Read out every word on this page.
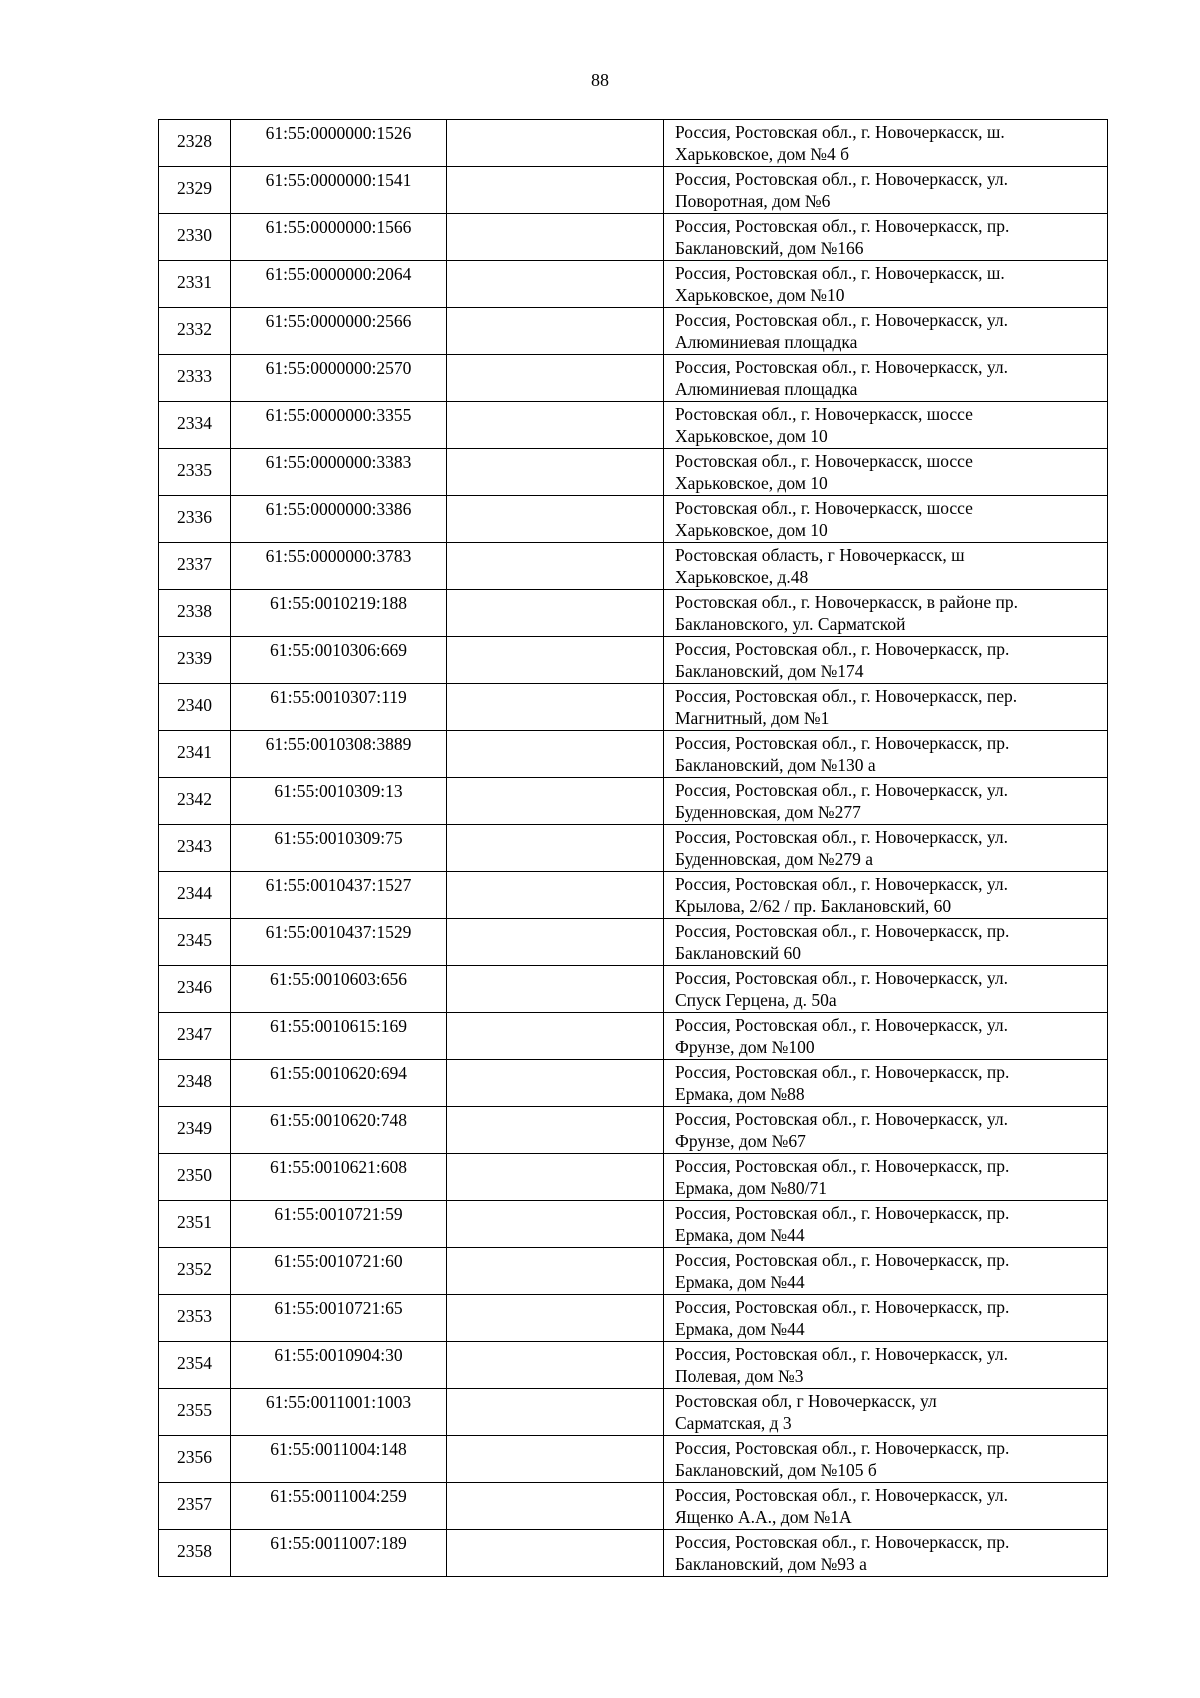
88
2328	61:55:0000000:1526		Россия, Ростовская обл., г. Новочеркасск, ш.
Харьковское, дом №4 б
2329	61:55:0000000:1541		Россия, Ростовская обл., г. Новочеркасск, ул.
Поворотная, дом №6
2330	61:55:0000000:1566		Россия, Ростовская обл., г. Новочеркасск, пр.
Баклановский, дом №166
2331	61:55:0000000:2064		Россия, Ростовская обл., г. Новочеркасск, ш.
Харьковское, дом №10
2332	61:55:0000000:2566		Россия, Ростовская обл., г. Новочеркасск, ул.
Алюминиевая площадка
2333	61:55:0000000:2570		Россия, Ростовская обл., г. Новочеркасск, ул.
Алюминиевая площадка
2334	61:55:0000000:3355		Ростовская обл., г. Новочеркасск, шоссе
Харьковское, дом 10
2335	61:55:0000000:3383		Ростовская обл., г. Новочеркасск, шоссе
Харьковское, дом 10
2336	61:55:0000000:3386		Ростовская обл., г. Новочеркасск, шоссе
Харьковское, дом 10
2337	61:55:0000000:3783		Ростовская область, г Новочеркасск, ш
Харьковское, д.48
2338	61:55:0010219:188		Ростовская обл., г. Новочеркасск, в районе пр.
Баклановского, ул. Сарматской
2339	61:55:0010306:669		Россия, Ростовская обл., г. Новочеркасск, пр.
Баклановский, дом №174
2340	61:55:0010307:119		Россия, Ростовская обл., г. Новочеркасск, пер.
Магнитный, дом №1
2341	61:55:0010308:3889		Россия, Ростовская обл., г. Новочеркасск, пр.
Баклановский, дом №130 а
2342	61:55:0010309:13		Россия, Ростовская обл., г. Новочеркасск, ул.
Буденновская, дом №277
2343	61:55:0010309:75		Россия, Ростовская обл., г. Новочеркасск, ул.
Буденновская, дом №279 а
2344	61:55:0010437:1527		Россия, Ростовская обл., г. Новочеркасск, ул.
Крылова, 2/62 / пр. Баклановский, 60
2345	61:55:0010437:1529		Россия, Ростовская обл., г. Новочеркасск, пр.
Баклановский 60
2346	61:55:0010603:656		Россия, Ростовская обл., г. Новочеркасск, ул.
Спуск Герцена, д. 50а
2347	61:55:0010615:169		Россия, Ростовская обл., г. Новочеркасск, ул.
Фрунзе, дом №100
2348	61:55:0010620:694		Россия, Ростовская обл., г. Новочеркасск, пр.
Ермака, дом №88
2349	61:55:0010620:748		Россия, Ростовская обл., г. Новочеркасск, ул.
Фрунзе, дом №67
2350	61:55:0010621:608		Россия, Ростовская обл., г. Новочеркасск, пр.
Ермака, дом №80/71
2351	61:55:0010721:59		Россия, Ростовская обл., г. Новочеркасск, пр.
Ермака, дом №44
2352	61:55:0010721:60		Россия, Ростовская обл., г. Новочеркасск, пр.
Ермака, дом №44
2353	61:55:0010721:65		Россия, Ростовская обл., г. Новочеркасск, пр.
Ермака, дом №44
2354	61:55:0010904:30		Россия, Ростовская обл., г. Новочеркасск, ул.
Полевая, дом №3
2355	61:55:0011001:1003		Ростовская обл, г Новочеркасск, ул
Сарматская, д 3
2356	61:55:0011004:148		Россия, Ростовская обл., г. Новочеркасск, пр.
Баклановский, дом №105 б
2357	61:55:0011004:259		Россия, Ростовская обл., г. Новочеркасск, ул.
Ященко А.А., дом №1А
2358	61:55:0011007:189		Россия, Ростовская обл., г. Новочеркасск, пр.
Баклановский, дом №93 а
